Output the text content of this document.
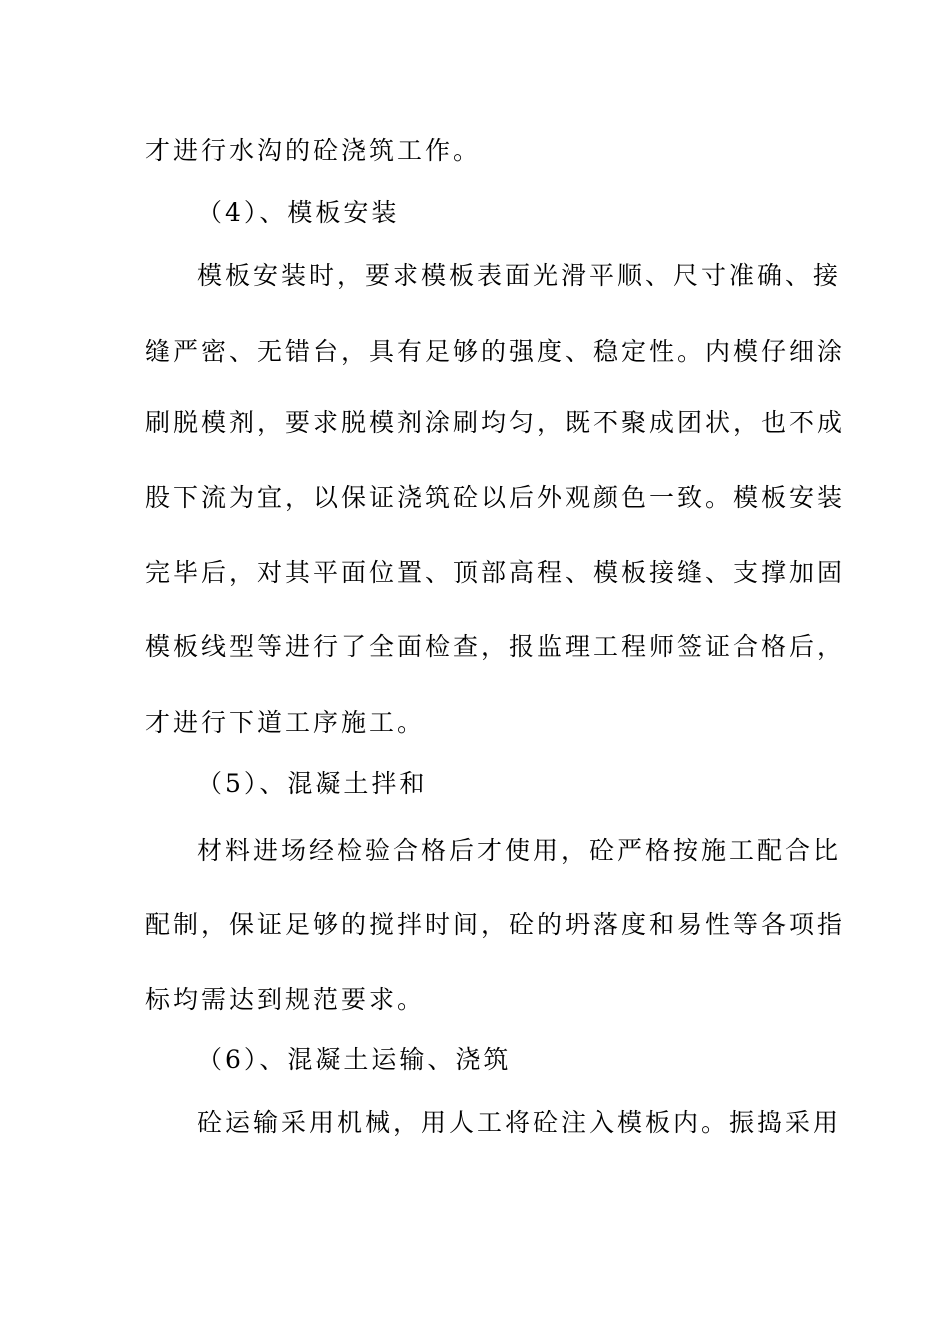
才进行水沟的砼浇筑工作。
（4）、模板安装
模板安装时，要求模板表面光滑平顺、尺寸准确、接
缝严密、无错台，具有足够的强度、稳定性。内模仔细涂
刷脱模剂，要求脱模剂涂刷均匀，既不聚成团状，也不成
股下流为宜，以保证浇筑砼以后外观颜色一致。模板安装
完毕后，对其平面位置、顶部高程、模板接缝、支撑加固
模板线型等进行了全面检查，报监理工程师签证合格后，
才进行下道工序施工。
（5）、混凝土拌和
材料进场经检验合格后才使用，砼严格按施工配合比
配制，保证足够的搅拌时间，砼的坍落度和易性等各项指
标均需达到规范要求。
（6）、混凝土运输、浇筑
砼运输采用机械，用人工将砼注入模板内。振捣采用
